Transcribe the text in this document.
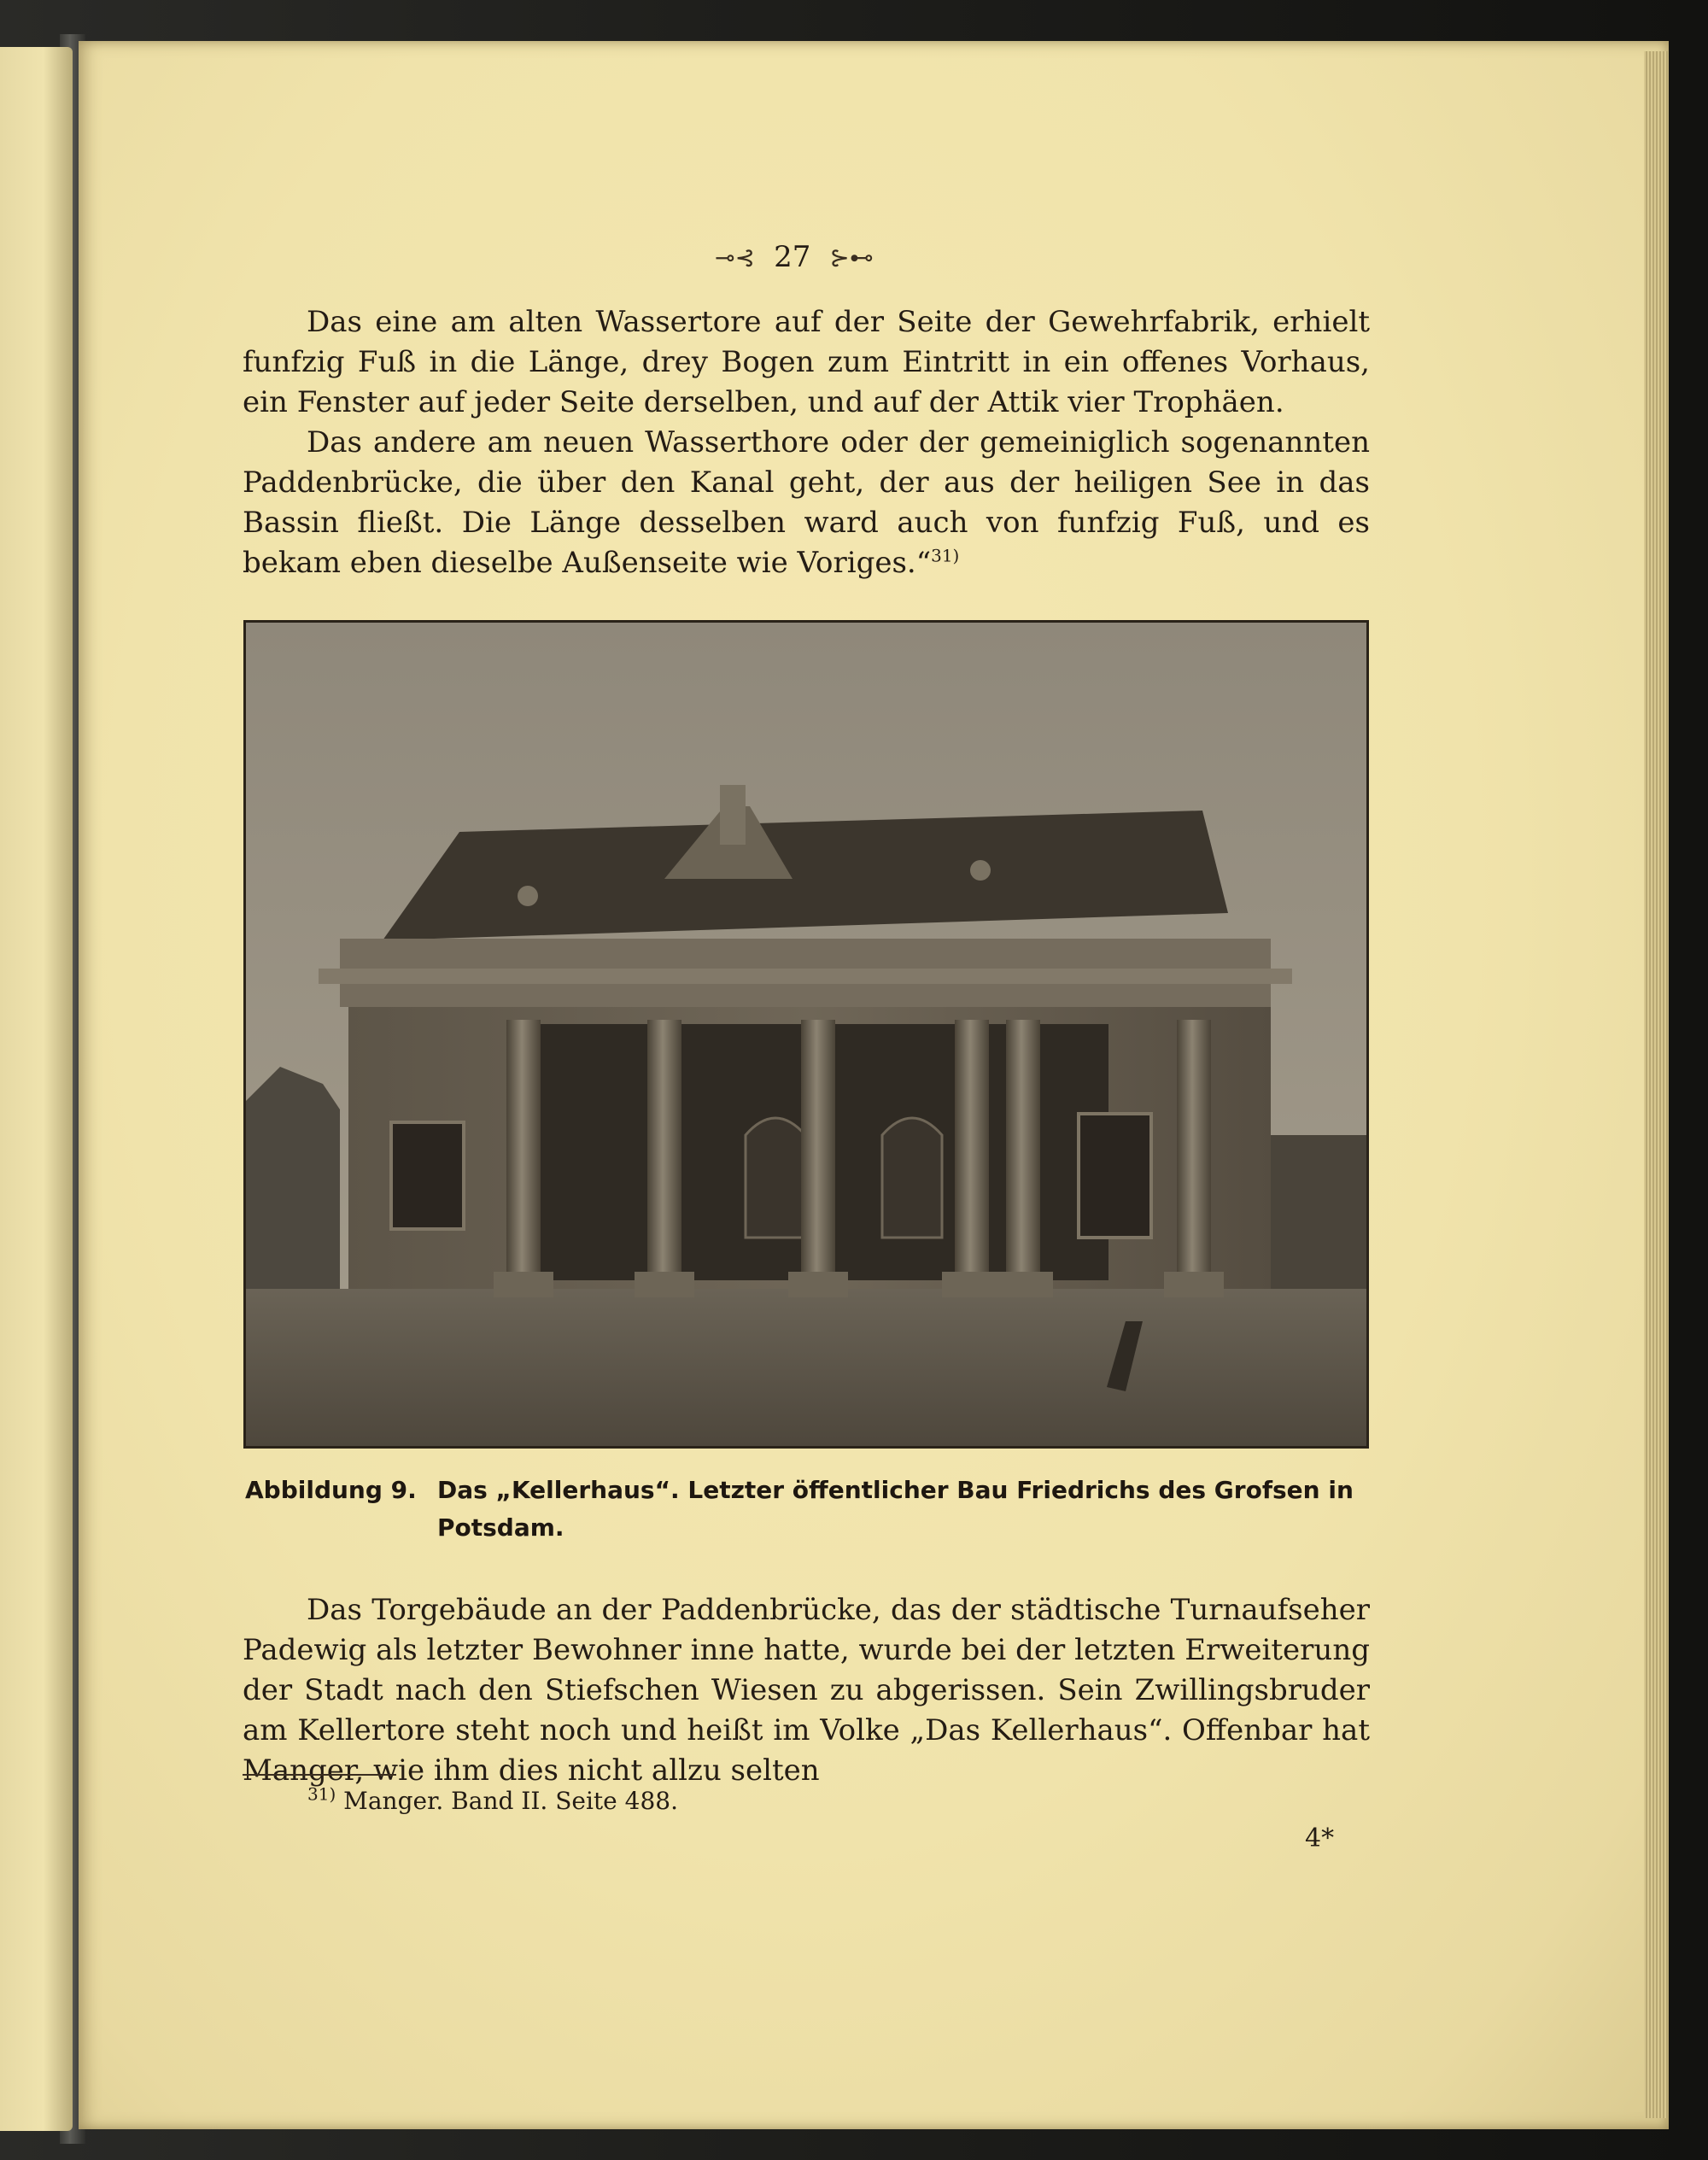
⊸⊰ 27 ⊱⊷

Das eine am alten Wassertore auf der Seite der Gewehrfabrik, erhielt funfzig Fuß in die Länge, drey Bogen zum Eintritt in ein offenes Vorhaus, ein Fenster auf jeder Seite derselben, und auf der Attik vier Trophäen.

Das andere am neuen Wasserthore oder der gemeiniglich sogenannten Paddenbrücke, die über den Kanal geht, der aus der heiligen See in das Bassin fließt. Die Länge desselben ward auch von funfzig Fuß, und es bekam eben dieselbe Außenseite wie Voriges.“$^{31)}$

Abbildung 9. Das „Kellerhaus“. Letzter öffentlicher Bau Friedrichs des Grofsen in
Potsdam.

Das Torgebäude an der Paddenbrücke, das der städtische Turnaufseher Padewig als letzter Bewohner inne hatte, wurde bei der letzten Erweiterung der Stadt nach den Stiefschen Wiesen zu abgerissen. Sein Zwillingsbruder am Kellertore steht noch und heißt im Volke „Das Kellerhaus“. Offenbar hat Manger, wie ihm dies nicht allzu selten

$^{31)}$ Manger. Band II. Seite 488.
4*
